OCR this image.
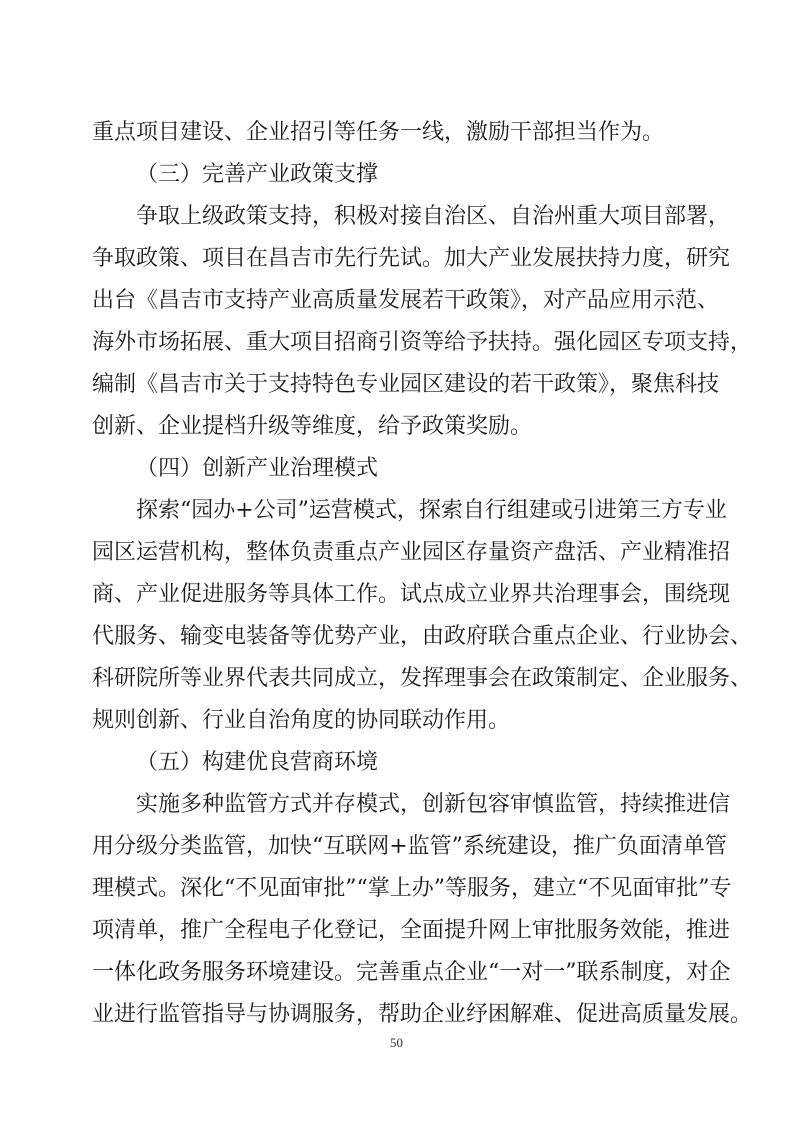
重点项目建设、企业招引等任务一线，激励干部担当作为。
（三）完善产业政策支撑
争取上级政策支持，积极对接自治区、自治州重大项目部署，
争取政策、项目在昌吉市先行先试。加大产业发展扶持力度，研究
出台《昌吉市支持产业高质量发展若干政策》，对产品应用示范、
海外市场拓展、重大项目招商引资等给予扶持。强化园区专项支持，
编制《昌吉市关于支持特色专业园区建设的若干政策》，聚焦科技
创新、企业提档升级等维度，给予政策奖励。
（四）创新产业治理模式
探索“园办+公司”运营模式，探索自行组建或引进第三方专业
园区运营机构，整体负责重点产业园区存量资产盘活、产业精准招
商、产业促进服务等具体工作。试点成立业界共治理事会，围绕现
代服务、输变电装备等优势产业，由政府联合重点企业、行业协会、
科研院所等业界代表共同成立，发挥理事会在政策制定、企业服务、
规则创新、行业自治角度的协同联动作用。
（五）构建优良营商环境
实施多种监管方式并存模式，创新包容审慎监管，持续推进信
用分级分类监管，加快“互联网+监管”系统建设，推广负面清单管
理模式。深化“不见面审批”“掌上办”等服务，建立“不见面审批”专
项清单，推广全程电子化登记，全面提升网上审批服务效能，推进
一体化政务服务环境建设。完善重点企业“一对一”联系制度，对企
业进行监管指导与协调服务，帮助企业纾困解难、促进高质量发展。
50
